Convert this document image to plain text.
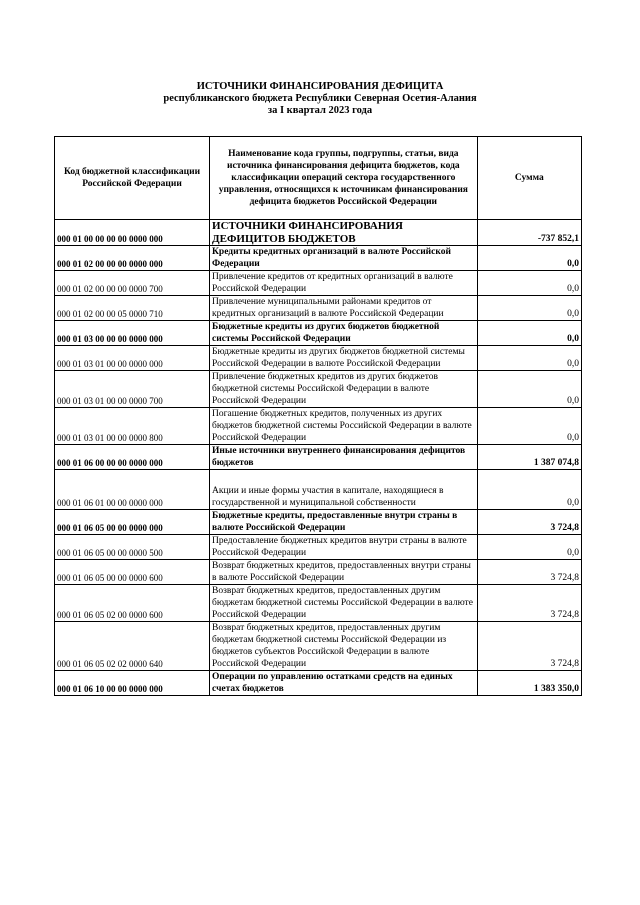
ИСТОЧНИКИ ФИНАНСИРОВАНИЯ ДЕФИЦИТА
республиканского бюджета Республики Северная Осетия-Алания
за I квартал 2023 года
Код бюджетной классификации Российской Федерации	Наименование кода группы, подгруппы, статьи, вида источника финансирования дефицита бюджетов, кода классификации операций сектора государственного управления, относящихся к источникам финансирования дефицита бюджетов Российской Федерации	Сумма
000 01 00 00 00 00 0000 000	ИСТОЧНИКИ ФИНАНСИРОВАНИЯ ДЕФИЦИТОВ БЮДЖЕТОВ	-737 852,1
000 01 02 00 00 00 0000 000	Кредиты кредитных организаций в валюте Российской Федерации	0,0
000 01 02 00 00 00 0000 700	Привлечение кредитов от кредитных организаций в валюте Российской Федерации	0,0
000 01 02 00 00 05 0000 710	Привлечение муниципальными районами кредитов от кредитных организаций в валюте Российской Федерации	0,0
000 01 03 00 00 00 0000 000	Бюджетные кредиты из других бюджетов бюджетной системы Российской Федерации	0,0
000 01 03 01 00 00 0000 000	Бюджетные кредиты из других бюджетов бюджетной системы Российской Федерации в валюте Российской Федерации	0,0
000 01 03 01 00 00 0000 700	Привлечение бюджетных кредитов из других бюджетов бюджетной системы Российской Федерации в валюте Российской Федерации	0,0
000 01 03 01 00 00 0000 800	Погашение бюджетных кредитов, полученных из других бюджетов бюджетной системы Российской Федерации в валюте Российской Федерации	0,0
000 01 06 00 00 00 0000 000	Иные источники внутреннего финансирования дефицитов бюджетов	1 387 074,8
000 01 06 01 00 00 0000 000	Акции и иные формы участия в капитале, находящиеся в государственной и муниципальной собственности	0,0
000 01 06 05 00 00 0000 000	Бюджетные кредиты, предоставленные внутри страны в валюте Российской Федерации	3 724,8
000 01 06 05 00 00 0000 500	Предоставление бюджетных кредитов внутри страны в валюте Российской Федерации	0,0
000 01 06 05 00 00 0000 600	Возврат бюджетных кредитов, предоставленных внутри страны в валюте Российской Федерации	3 724,8
000 01 06 05 02 00 0000 600	Возврат бюджетных кредитов, предоставленных другим бюджетам бюджетной системы Российской Федерации в валюте Российской Федерации	3 724,8
000 01 06 05 02 02 0000 640	Возврат бюджетных кредитов, предоставленных другим бюджетам бюджетной системы Российской Федерации из бюджетов субъектов Российской Федерации в валюте Российской Федерации	3 724,8
000 01 06 10 00 00 0000 000	Операции по управлению остатками средств на единых счетах бюджетов	1 383 350,0
